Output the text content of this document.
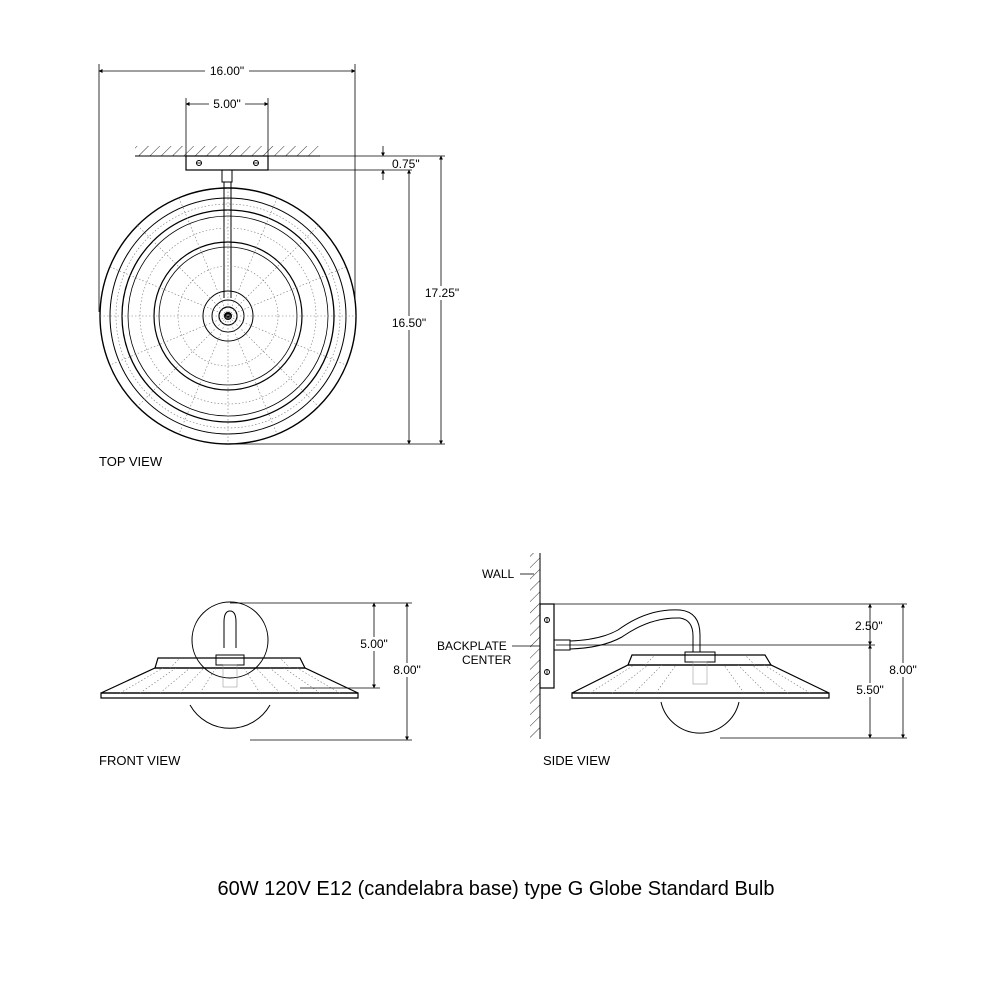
16.00"
5.00"
0.75"
17.25"
16.50"
TOP VIEW
5.00"
8.00"
FRONT VIEW
2.50"
5.50"
8.00"
WALL
BACKPLATE
CENTER
SIDE VIEW
60W 120V E12 (candelabra base) type G Globe Standard Bulb
